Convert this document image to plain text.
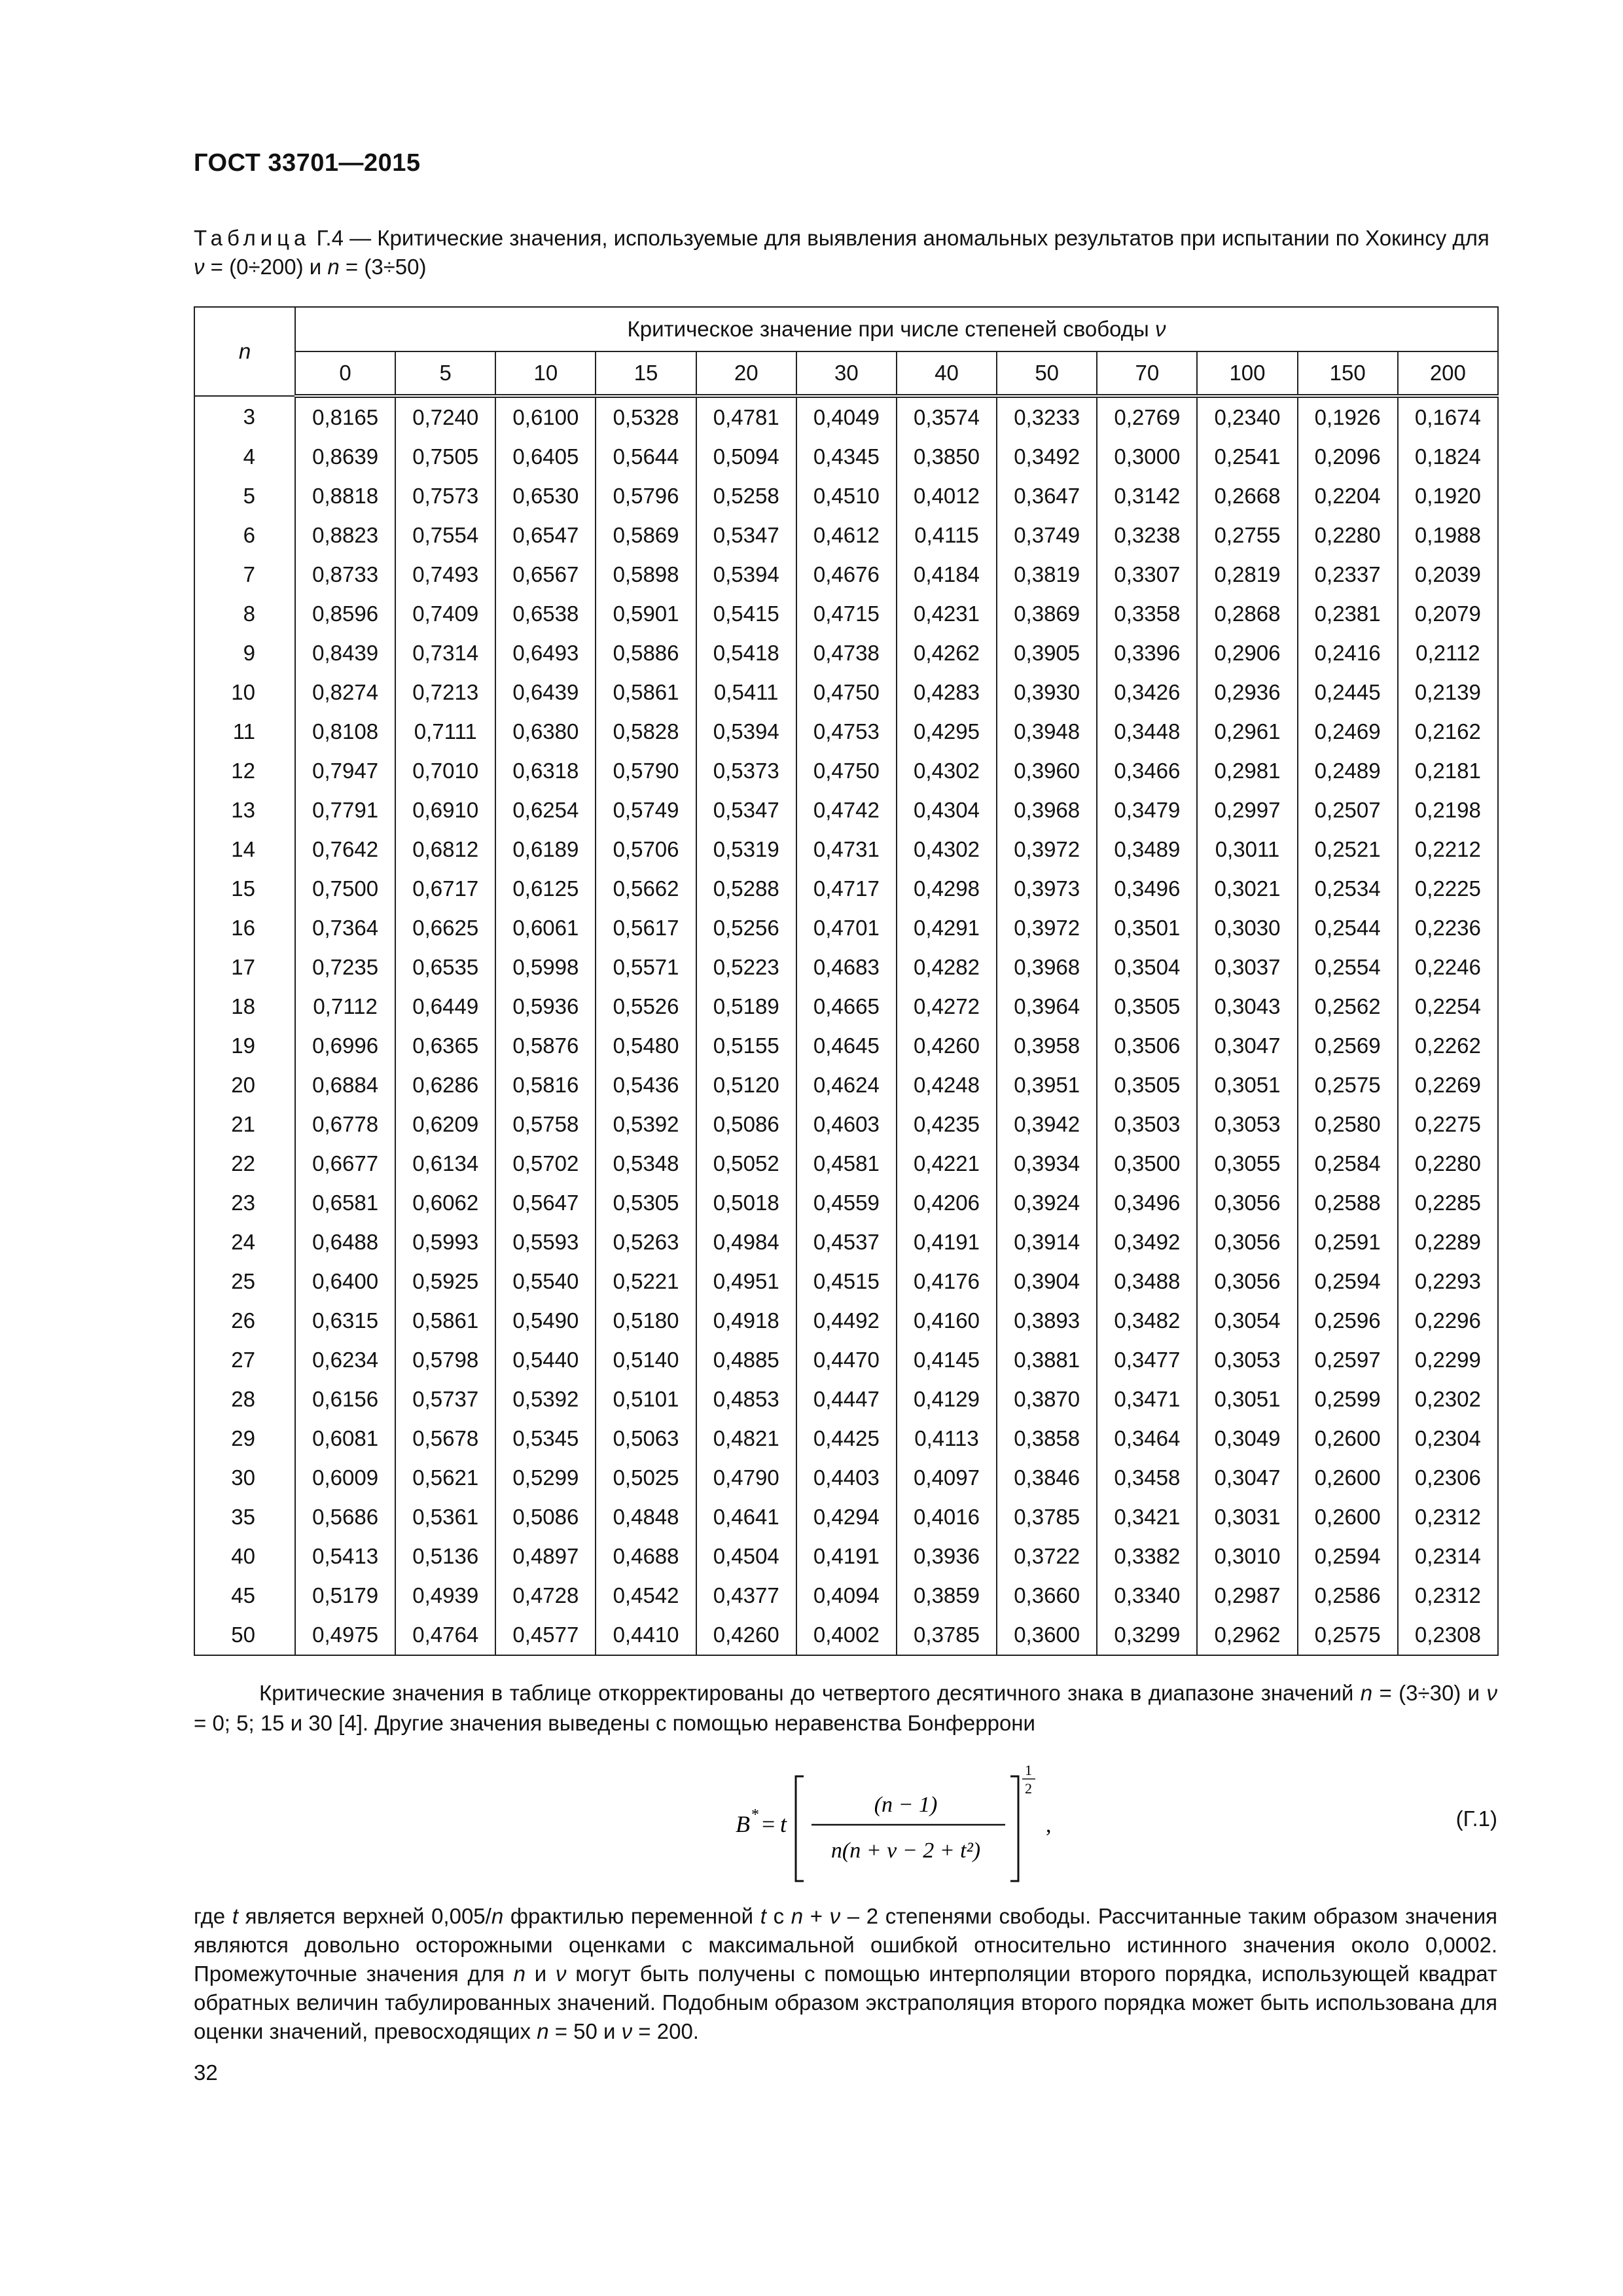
ГОСТ 33701—2015
Таблица Г.4 — Критические значения, используемые для выявления аномальных результатов при испытании по Хокинсу для ν = (0÷200) и n = (3÷50)
n	Критическое значение при числе степеней свободы ν											
	0	5	10	15	20	30	40	50	70	100	150	200
3	0,8165	0,7240	0,6100	0,5328	0,4781	0,4049	0,3574	0,3233	0,2769	0,2340	0,1926	0,1674
4	0,8639	0,7505	0,6405	0,5644	0,5094	0,4345	0,3850	0,3492	0,3000	0,2541	0,2096	0,1824
5	0,8818	0,7573	0,6530	0,5796	0,5258	0,4510	0,4012	0,3647	0,3142	0,2668	0,2204	0,1920
6	0,8823	0,7554	0,6547	0,5869	0,5347	0,4612	0,4115	0,3749	0,3238	0,2755	0,2280	0,1988
7	0,8733	0,7493	0,6567	0,5898	0,5394	0,4676	0,4184	0,3819	0,3307	0,2819	0,2337	0,2039
8	0,8596	0,7409	0,6538	0,5901	0,5415	0,4715	0,4231	0,3869	0,3358	0,2868	0,2381	0,2079
9	0,8439	0,7314	0,6493	0,5886	0,5418	0,4738	0,4262	0,3905	0,3396	0,2906	0,2416	0,2112
10	0,8274	0,7213	0,6439	0,5861	0,5411	0,4750	0,4283	0,3930	0,3426	0,2936	0,2445	0,2139
11	0,8108	0,7111	0,6380	0,5828	0,5394	0,4753	0,4295	0,3948	0,3448	0,2961	0,2469	0,2162
12	0,7947	0,7010	0,6318	0,5790	0,5373	0,4750	0,4302	0,3960	0,3466	0,2981	0,2489	0,2181
13	0,7791	0,6910	0,6254	0,5749	0,5347	0,4742	0,4304	0,3968	0,3479	0,2997	0,2507	0,2198
14	0,7642	0,6812	0,6189	0,5706	0,5319	0,4731	0,4302	0,3972	0,3489	0,3011	0,2521	0,2212
15	0,7500	0,6717	0,6125	0,5662	0,5288	0,4717	0,4298	0,3973	0,3496	0,3021	0,2534	0,2225
16	0,7364	0,6625	0,6061	0,5617	0,5256	0,4701	0,4291	0,3972	0,3501	0,3030	0,2544	0,2236
17	0,7235	0,6535	0,5998	0,5571	0,5223	0,4683	0,4282	0,3968	0,3504	0,3037	0,2554	0,2246
18	0,7112	0,6449	0,5936	0,5526	0,5189	0,4665	0,4272	0,3964	0,3505	0,3043	0,2562	0,2254
19	0,6996	0,6365	0,5876	0,5480	0,5155	0,4645	0,4260	0,3958	0,3506	0,3047	0,2569	0,2262
20	0,6884	0,6286	0,5816	0,5436	0,5120	0,4624	0,4248	0,3951	0,3505	0,3051	0,2575	0,2269
21	0,6778	0,6209	0,5758	0,5392	0,5086	0,4603	0,4235	0,3942	0,3503	0,3053	0,2580	0,2275
22	0,6677	0,6134	0,5702	0,5348	0,5052	0,4581	0,4221	0,3934	0,3500	0,3055	0,2584	0,2280
23	0,6581	0,6062	0,5647	0,5305	0,5018	0,4559	0,4206	0,3924	0,3496	0,3056	0,2588	0,2285
24	0,6488	0,5993	0,5593	0,5263	0,4984	0,4537	0,4191	0,3914	0,3492	0,3056	0,2591	0,2289
25	0,6400	0,5925	0,5540	0,5221	0,4951	0,4515	0,4176	0,3904	0,3488	0,3056	0,2594	0,2293
26	0,6315	0,5861	0,5490	0,5180	0,4918	0,4492	0,4160	0,3893	0,3482	0,3054	0,2596	0,2296
27	0,6234	0,5798	0,5440	0,5140	0,4885	0,4470	0,4145	0,3881	0,3477	0,3053	0,2597	0,2299
28	0,6156	0,5737	0,5392	0,5101	0,4853	0,4447	0,4129	0,3870	0,3471	0,3051	0,2599	0,2302
29	0,6081	0,5678	0,5345	0,5063	0,4821	0,4425	0,4113	0,3858	0,3464	0,3049	0,2600	0,2304
30	0,6009	0,5621	0,5299	0,5025	0,4790	0,4403	0,4097	0,3846	0,3458	0,3047	0,2600	0,2306
35	0,5686	0,5361	0,5086	0,4848	0,4641	0,4294	0,4016	0,3785	0,3421	0,3031	0,2600	0,2312
40	0,5413	0,5136	0,4897	0,4688	0,4504	0,4191	0,3936	0,3722	0,3382	0,3010	0,2594	0,2314
45	0,5179	0,4939	0,4728	0,4542	0,4377	0,4094	0,3859	0,3660	0,3340	0,2987	0,2586	0,2312
50	0,4975	0,4764	0,4577	0,4410	0,4260	0,4002	0,3785	0,3600	0,3299	0,2962	0,2575	0,2308
Критические значения в таблице откорректированы до четвертого десятичного знака в диапазоне значений n = (3÷30) и ν = 0; 5; 15 и 30 [4]. Другие значения выведены с помощью неравенства Бонферрони
B * = t
(n − 1)
n(n + ν − 2 + t²)
1
2
,	(Г.1)
где t является верхней 0,005/n фрактилью переменной t с n + ν – 2 степенями свободы. Рассчитанные таким образом значения являются довольно осторожными оценками с максимальной ошибкой относительно истинного значения около 0,0002. Промежуточные значения для n и ν могут быть получены с помощью интерполяции второго порядка, использующей квадрат обратных величин табулированных значений. Подобным образом экстраполяция второго порядка может быть использована для оценки значений, превосходящих n = 50 и ν = 200.
32
